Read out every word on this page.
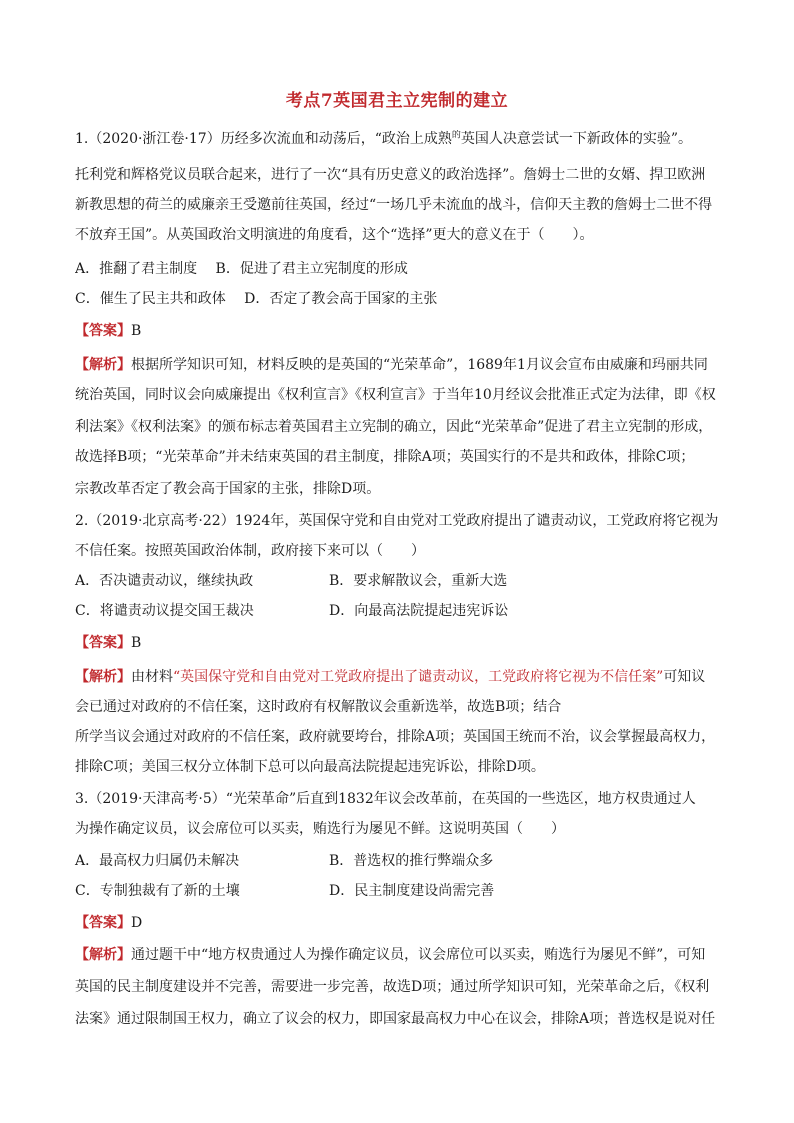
考点7英国君主立宪制的建立
1.（2020·浙江卷·17）历经多次流血和动荡后，“政治上成熟$^的$英国人决意尝试一下新政体的实验”。
托利党和辉格党议员联合起来，进行了一次“具有历史意义的政治选择”。詹姆士二世的女婿、捍卫欧洲
新教思想的荷兰的威廉亲王受邀前往英国，经过“一场几乎未流血的战斗，信仰天主教的詹姆士二世不得
不放弃王国”。从英国政治文明演进的角度看，这个“选择”更大的意义在于（　　）。
A．推翻了君主制度　 B．促进了君主立宪制度的形成
C．催生了民主共和政体　 D．否定了教会高于国家的主张
【答案】B
【解析】根据所学知识可知，材料反映的是英国的“光荣革命”，1689年1月议会宣布由威廉和玛丽共同
统治英国，同时议会向威廉提出《权利宣言》《权利宣言》于当年10月经议会批准正式定为法律，即《权
利法案》《权利法案》的颁布标志着英国君主立宪制的确立，因此“光荣革命”促进了君主立宪制的形成，
故选择B项；“光荣革命”并未结束英国的君主制度，排除A项；英国实行的不是共和政体，排除C项；
宗教改革否定了教会高于国家的主张，排除D项。
2.（2019·北京高考·22）1924年，英国保守党和自由党对工党政府提出了谴责动议，工党政府将它视为
不信任案。按照英国政治体制，政府接下来可以（　　）
A．否决谴责动议，继续执政	B．要求解散议会，重新大选
C．将谴责动议提交国王裁决	D．向最高法院提起违宪诉讼
【答案】B
【解析】由材料“英国保守党和自由党对工党政府提出了谴责动议，工党政府将它视为不信任案”可知议
会已通过对政府的不信任案，这时政府有权解散议会重新选举，故选B项；结合
所学当议会通过对政府的不信任案，政府就要垮台，排除A项；英国国王统而不治，议会掌握最高权力，
排除C项；美国三权分立体制下总可以向最高法院提起违宪诉讼，排除D项。
3.（2019·天津高考·5）“光荣革命”后直到1832年议会改革前，在英国的一些选区，地方权贵通过人
为操作确定议员，议会席位可以买卖，贿选行为屡见不鲜。这说明英国（　　）
A．最高权力归属仍未解决	B．普选权的推行弊端众多
C．专制独裁有了新的土壤	D．民主制度建设尚需完善
【答案】D
【解析】通过题干中“地方权贵通过人为操作确定议员，议会席位可以买卖，贿选行为屡见不鲜”，可知
英国的民主制度建设并不完善，需要进一步完善，故选D项；通过所学知识可知，光荣革命之后，《权利
法案》通过限制国王权力，确立了议会的权力，即国家最高权力中心在议会，排除A项；普选权是说对任
